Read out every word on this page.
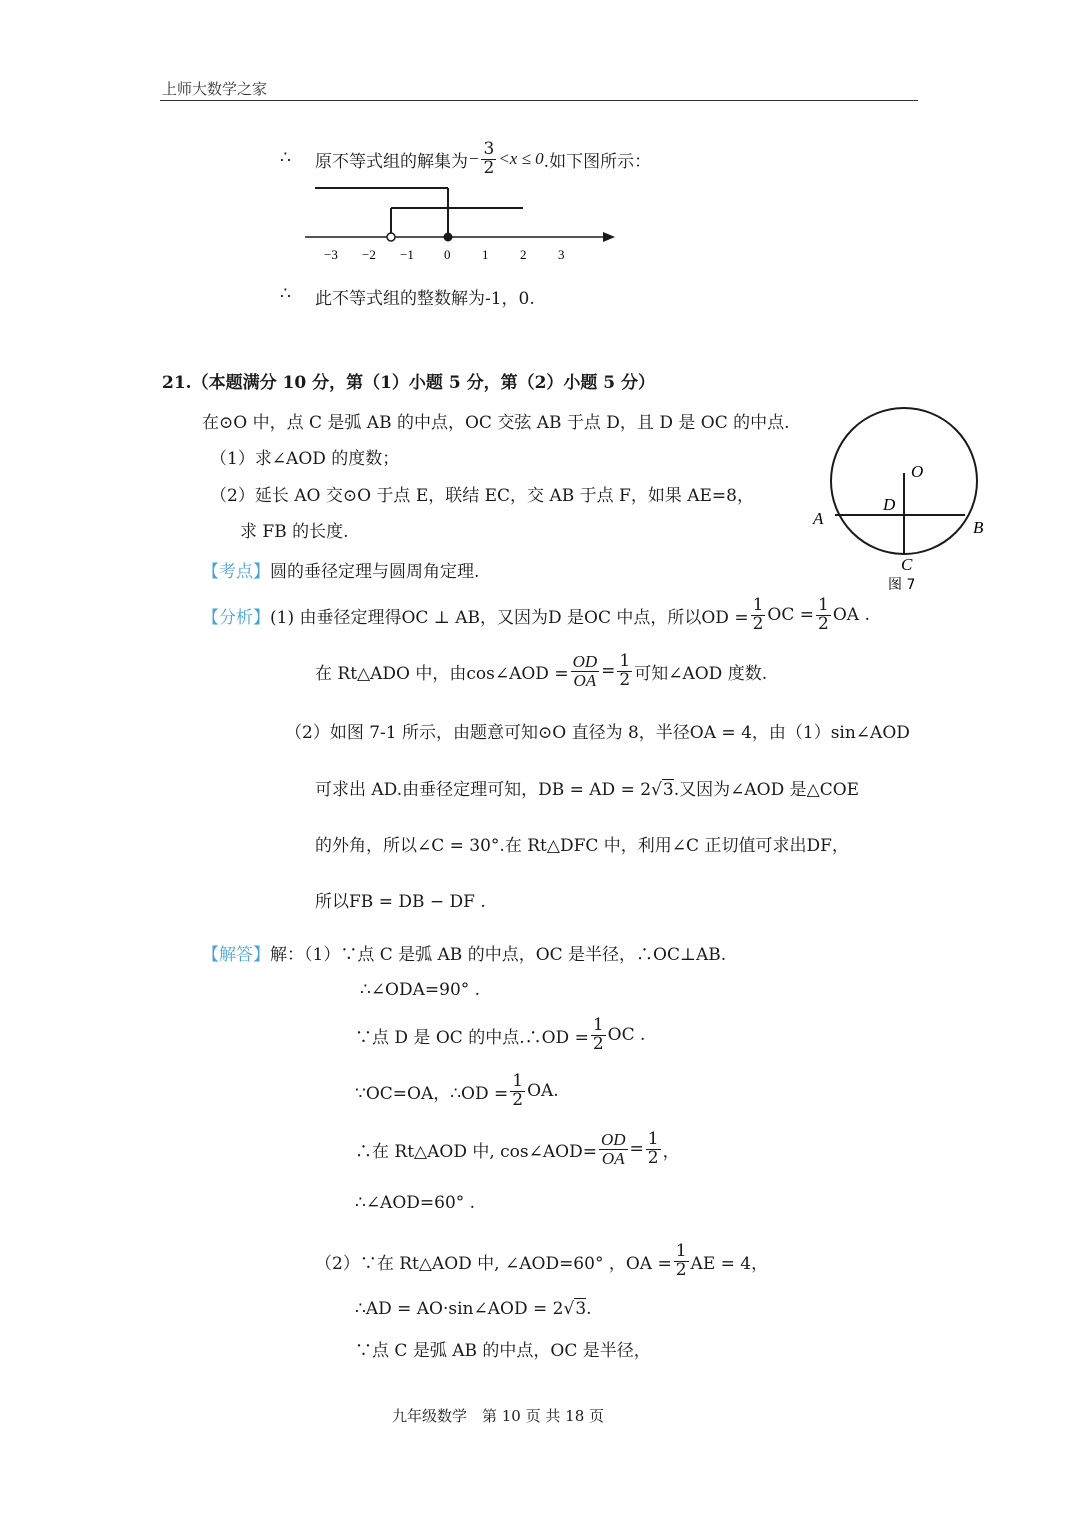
上师大数学之家
∴ 原不等式组的解集为 − $\frac{3}{2} <x \le 0$ .如下图所示：
−3 −2 −1 0 1 2 3
∴ 此不等式组的整数解为-1，0.
21.（本题满分 10 分，第（1）小题 5 分，第（2）小题 5 分）
在⊙O 中，点 C 是弧 AB 的中点，OC 交弦 AB 于点 D，且 D 是 OC 的中点.
（1）求∠AOD 的度数；
（2）延长 AO 交⊙O 于点 E，联结 EC，交 AB 于点 F，如果 AE=8，
求 FB 的长度.
O
D
A	B
C
图 7
【考点】圆的垂径定理与圆周角定理.
【分析】 (1) 由垂径定理得OC ⊥ AB，又因为D 是OC 中点，所以OD = $\frac{1}{2}$ OC = $\frac{1}{2}$ OA .
在 Rt△ADO 中，由cos∠AOD = $\frac{OD}{OA} = \frac{1}{2}$ 可知∠AOD 度数.
（2）如图 7-1 所示，由题意可知⊙O 直径为 8，半径OA = 4，由（1）sin∠AOD
可求出 AD.由垂径定理可知，DB = AD = 2√3.又因为∠AOD 是△COE
的外角，所以∠C = 30°.在 Rt△DFC 中，利用∠C 正切值可求出DF，
所以FB = DB − DF .
【解答】解：（1）∵点 C 是弧 AB 的中点，OC 是半径，∴OC⊥AB.
∴∠ODA=90° .
∵点 D 是 OC 的中点.∴OD = $\frac{1}{2}$ OC .
∵OC=OA，∴OD = $\frac{1}{2}$ OA.
∴在 Rt△AOD 中, cos∠AOD= $\frac{OD}{OA} = \frac{1}{2}$ ，
∴∠AOD=60° .
（2）∵在 Rt△AOD 中, ∠AOD=60° ，OA = $\frac{1}{2}$ AE = 4，
∴AD = AO·sin∠AOD = 2√3.
∵点 C 是弧 AB 的中点，OC 是半径，
九年级数学　第 10 页 共 18 页
